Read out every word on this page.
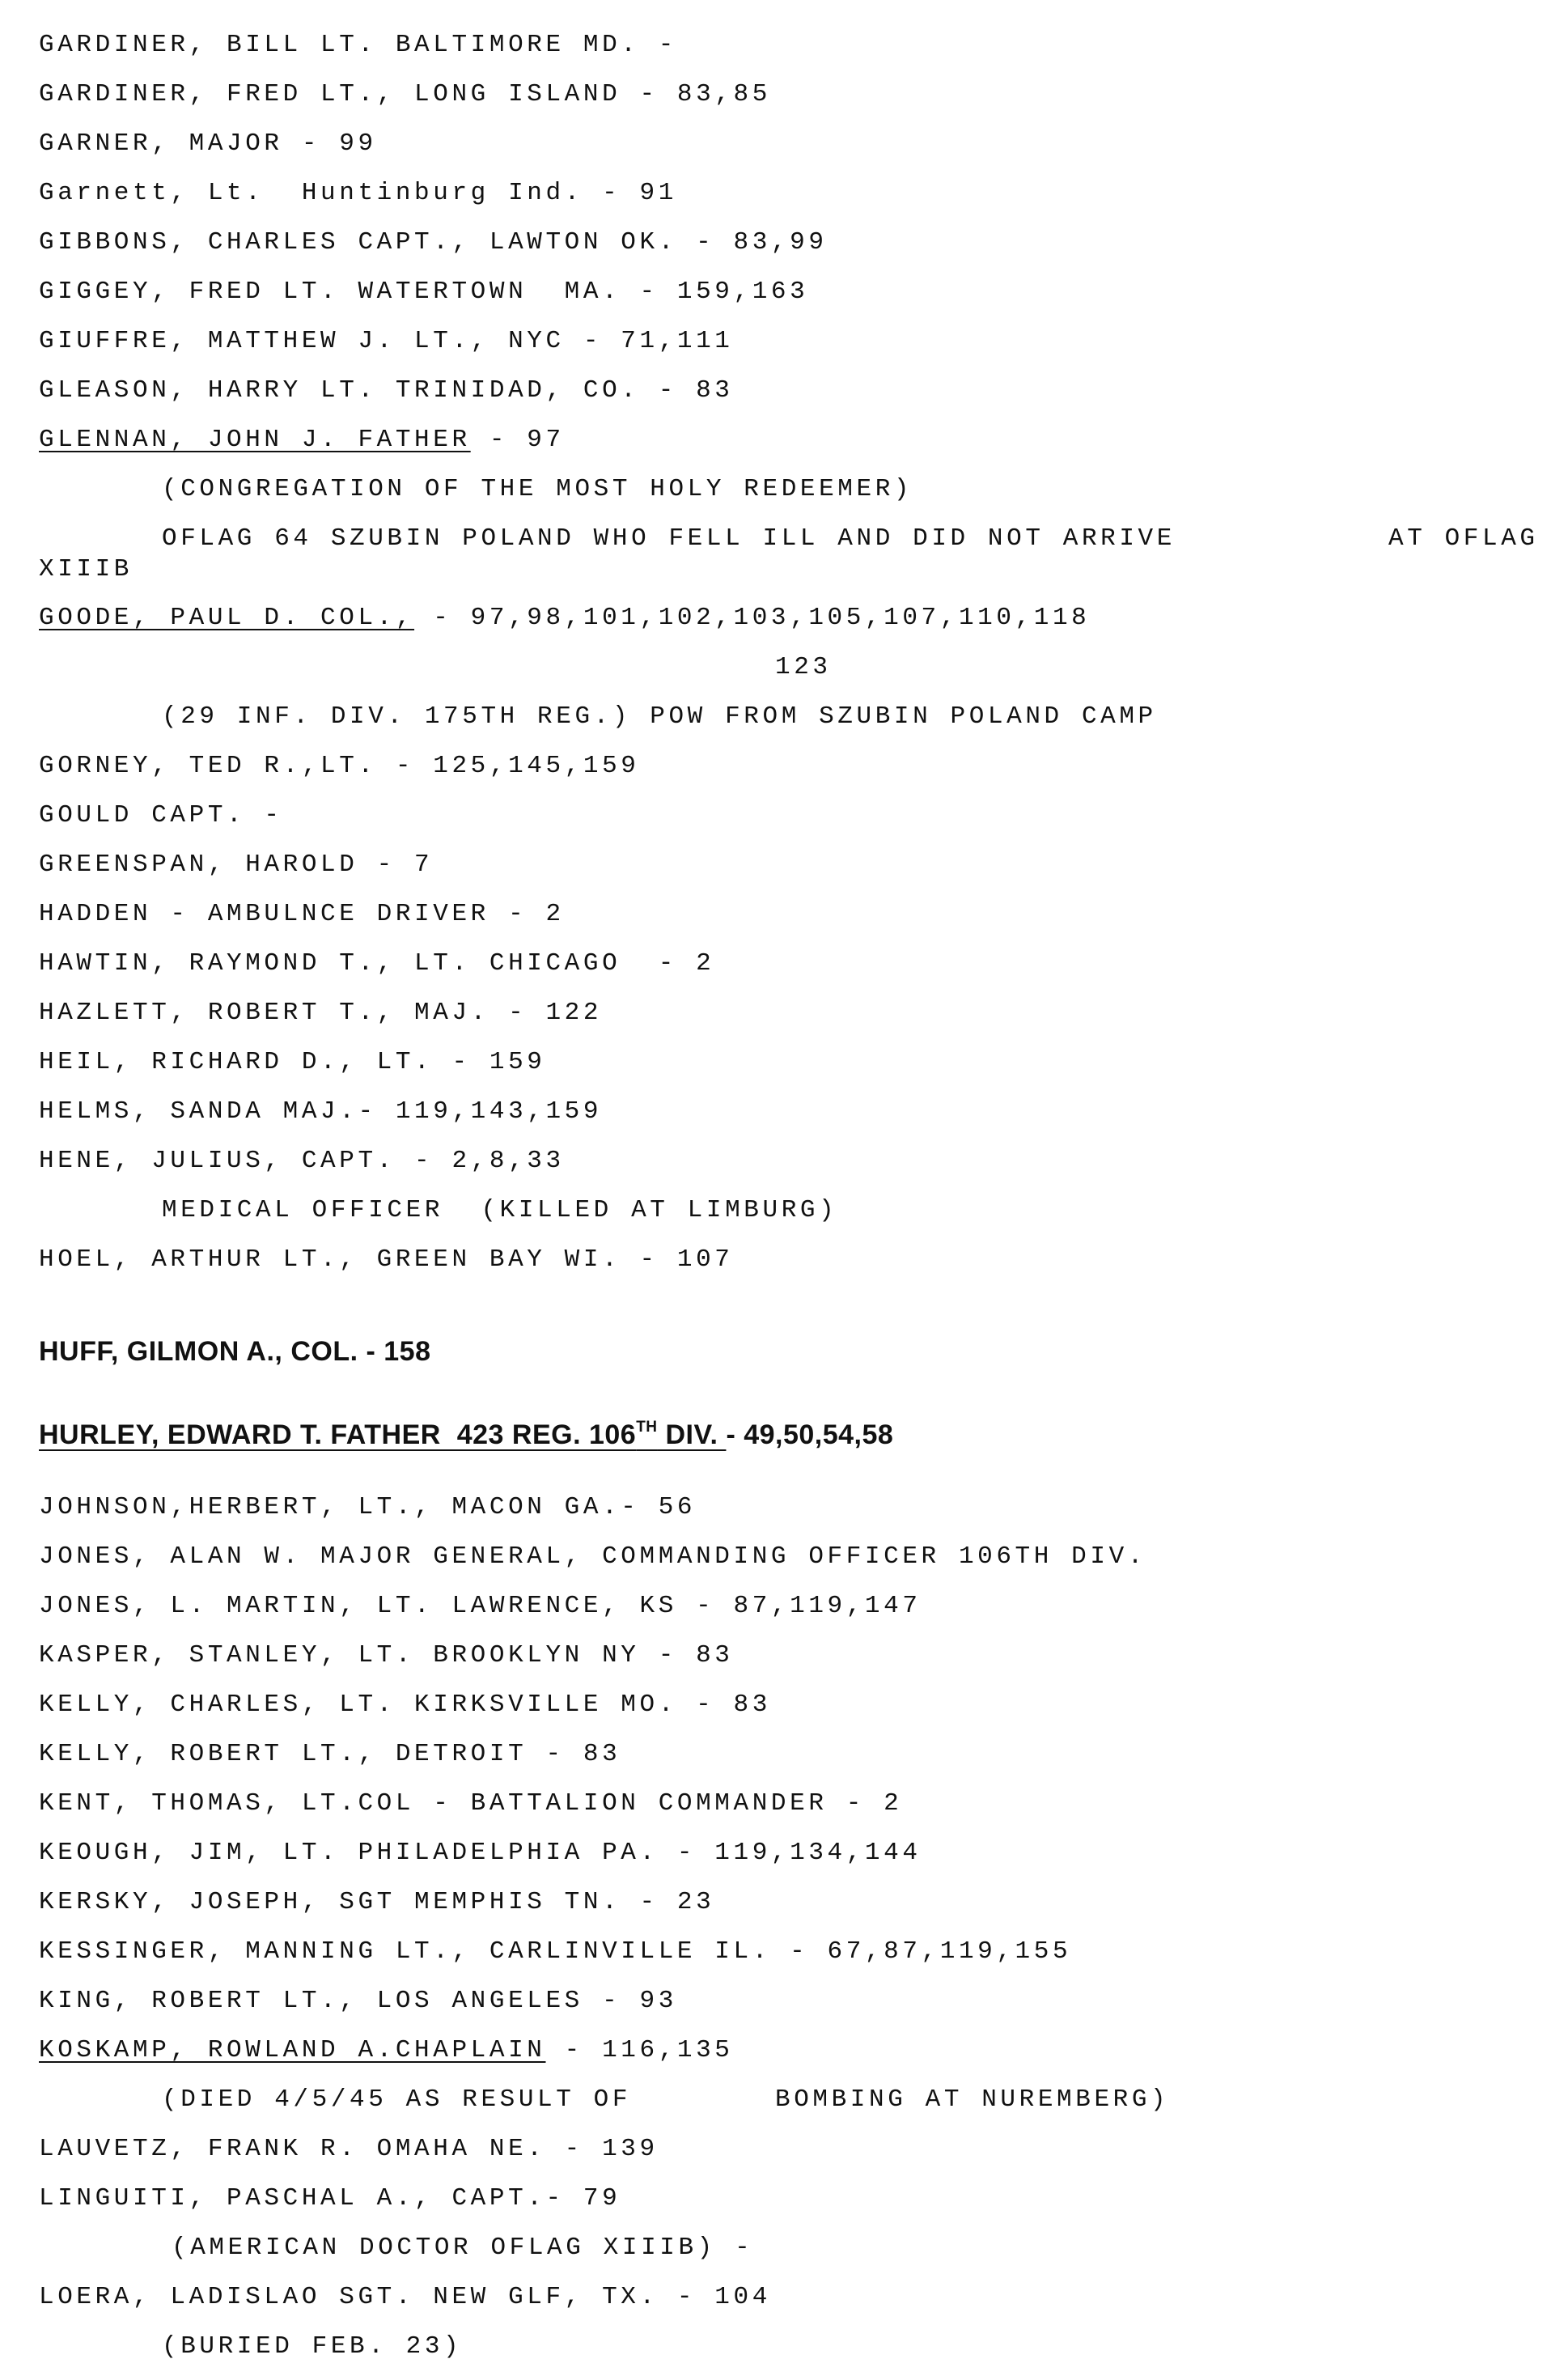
GARDINER, BILL LT. BALTIMORE MD. -
GARDINER, FRED LT., LONG ISLAND - 83,85
GARNER, MAJOR - 99
Garnett, Lt.  Huntinburg Ind. - 91
GIBBONS, CHARLES CAPT., LAWTON OK. - 83,99
GIGGEY, FRED LT. WATERTOWN  MA. - 159,163
GIUFFRE, MATTHEW J. LT., NYC - 71,111
GLEASON, HARRY LT. TRINIDAD, CO. - 83
GLENNAN, JOHN J. FATHER - 97
(CONGREGATION OF THE MOST HOLY REDEEMER)
OFLAG 64 SZUBIN POLAND WHO FELL ILL AND DID NOT ARRIVE	AT OFLAG
XIIIB
GOODE, PAUL D. COL., - 97,98,101,102,103,105,107,110,118
123
(29 INF. DIV. 175TH REG.) POW FROM SZUBIN POLAND CAMP
GORNEY, TED R.,LT. - 125,145,159
GOULD CAPT. -
GREENSPAN, HAROLD - 7
HADDEN - AMBULNCE DRIVER - 2
HAWTIN, RAYMOND T., LT. CHICAGO  - 2
HAZLETT, ROBERT T., MAJ. - 122
HEIL, RICHARD D., LT. - 159
HELMS, SANDA MAJ.- 119,143,159
HENE, JULIUS, CAPT. - 2,8,33
MEDICAL OFFICER  (KILLED AT LIMBURG)
HOEL, ARTHUR LT., GREEN BAY WI. - 107
HUFF, GILMON A., COL. - 158
HURLEY, EDWARD T. FATHER  423 REG. 106TH DIV. - 49,50,54,58
JOHNSON,HERBERT, LT., MACON GA.- 56
JONES, ALAN W. MAJOR GENERAL, COMMANDING OFFICER 106TH DIV.
JONES, L. MARTIN, LT. LAWRENCE, KS - 87,119,147
KASPER, STANLEY, LT. BROOKLYN NY - 83
KELLY, CHARLES, LT. KIRKSVILLE MO. - 83
KELLY, ROBERT LT., DETROIT - 83
KENT, THOMAS, LT.COL - BATTALION COMMANDER - 2
KEOUGH, JIM, LT. PHILADELPHIA PA. - 119,134,144
KERSKY, JOSEPH, SGT MEMPHIS TN. - 23
KESSINGER, MANNING LT., CARLINVILLE IL. - 67,87,119,155
KING, ROBERT LT., LOS ANGELES - 93
KOSKAMP, ROWLAND A.CHAPLAIN - 116,135
(DIED 4/5/45 AS RESULT OF	BOMBING AT NUREMBERG)
LAUVETZ, FRANK R. OMAHA NE. - 139
LINGUITI, PASCHAL A., CAPT.- 79
(AMERICAN DOCTOR OFLAG XIIIB) -
LOERA, LADISLAO SGT. NEW GLF, TX. - 104
(BURIED FEB. 23)
